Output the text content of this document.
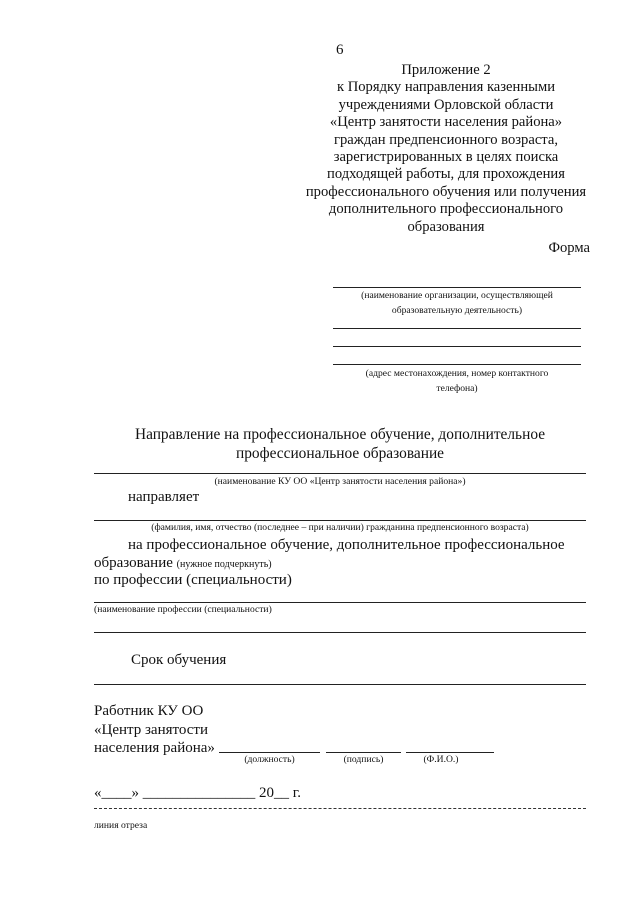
6
Приложение 2
к Порядку направления казенными
учреждениями Орловской области
«Центр занятости населения района»
граждан предпенсионного возраста,
зарегистрированных в целях поиска
подходящей работы, для прохождения
профессионального обучения или получения
дополнительного профессионального
образования
Форма
(наименование организации, осуществляющей
образовательную деятельность)
(адрес местонахождения, номер контактного
телефона)
Направление на профессиональное обучение, дополнительное
профессиональное образование
(наименование КУ ОО «Центр занятости населения района»)
направляет
(фамилия, имя, отчество (последнее – при наличии) гражданина предпенсионного возраста)
на профессиональное обучение, дополнительное профессиональное
образование (нужное подчеркнуть)
по профессии (специальности)
(наименование профессии (специальности)
Срок обучения
Работник КУ ОО
«Центр занятости
населения района»
(должность)	(подпись)	(Ф.И.О.)
«____» _______________ 20__ г.
линия отреза
